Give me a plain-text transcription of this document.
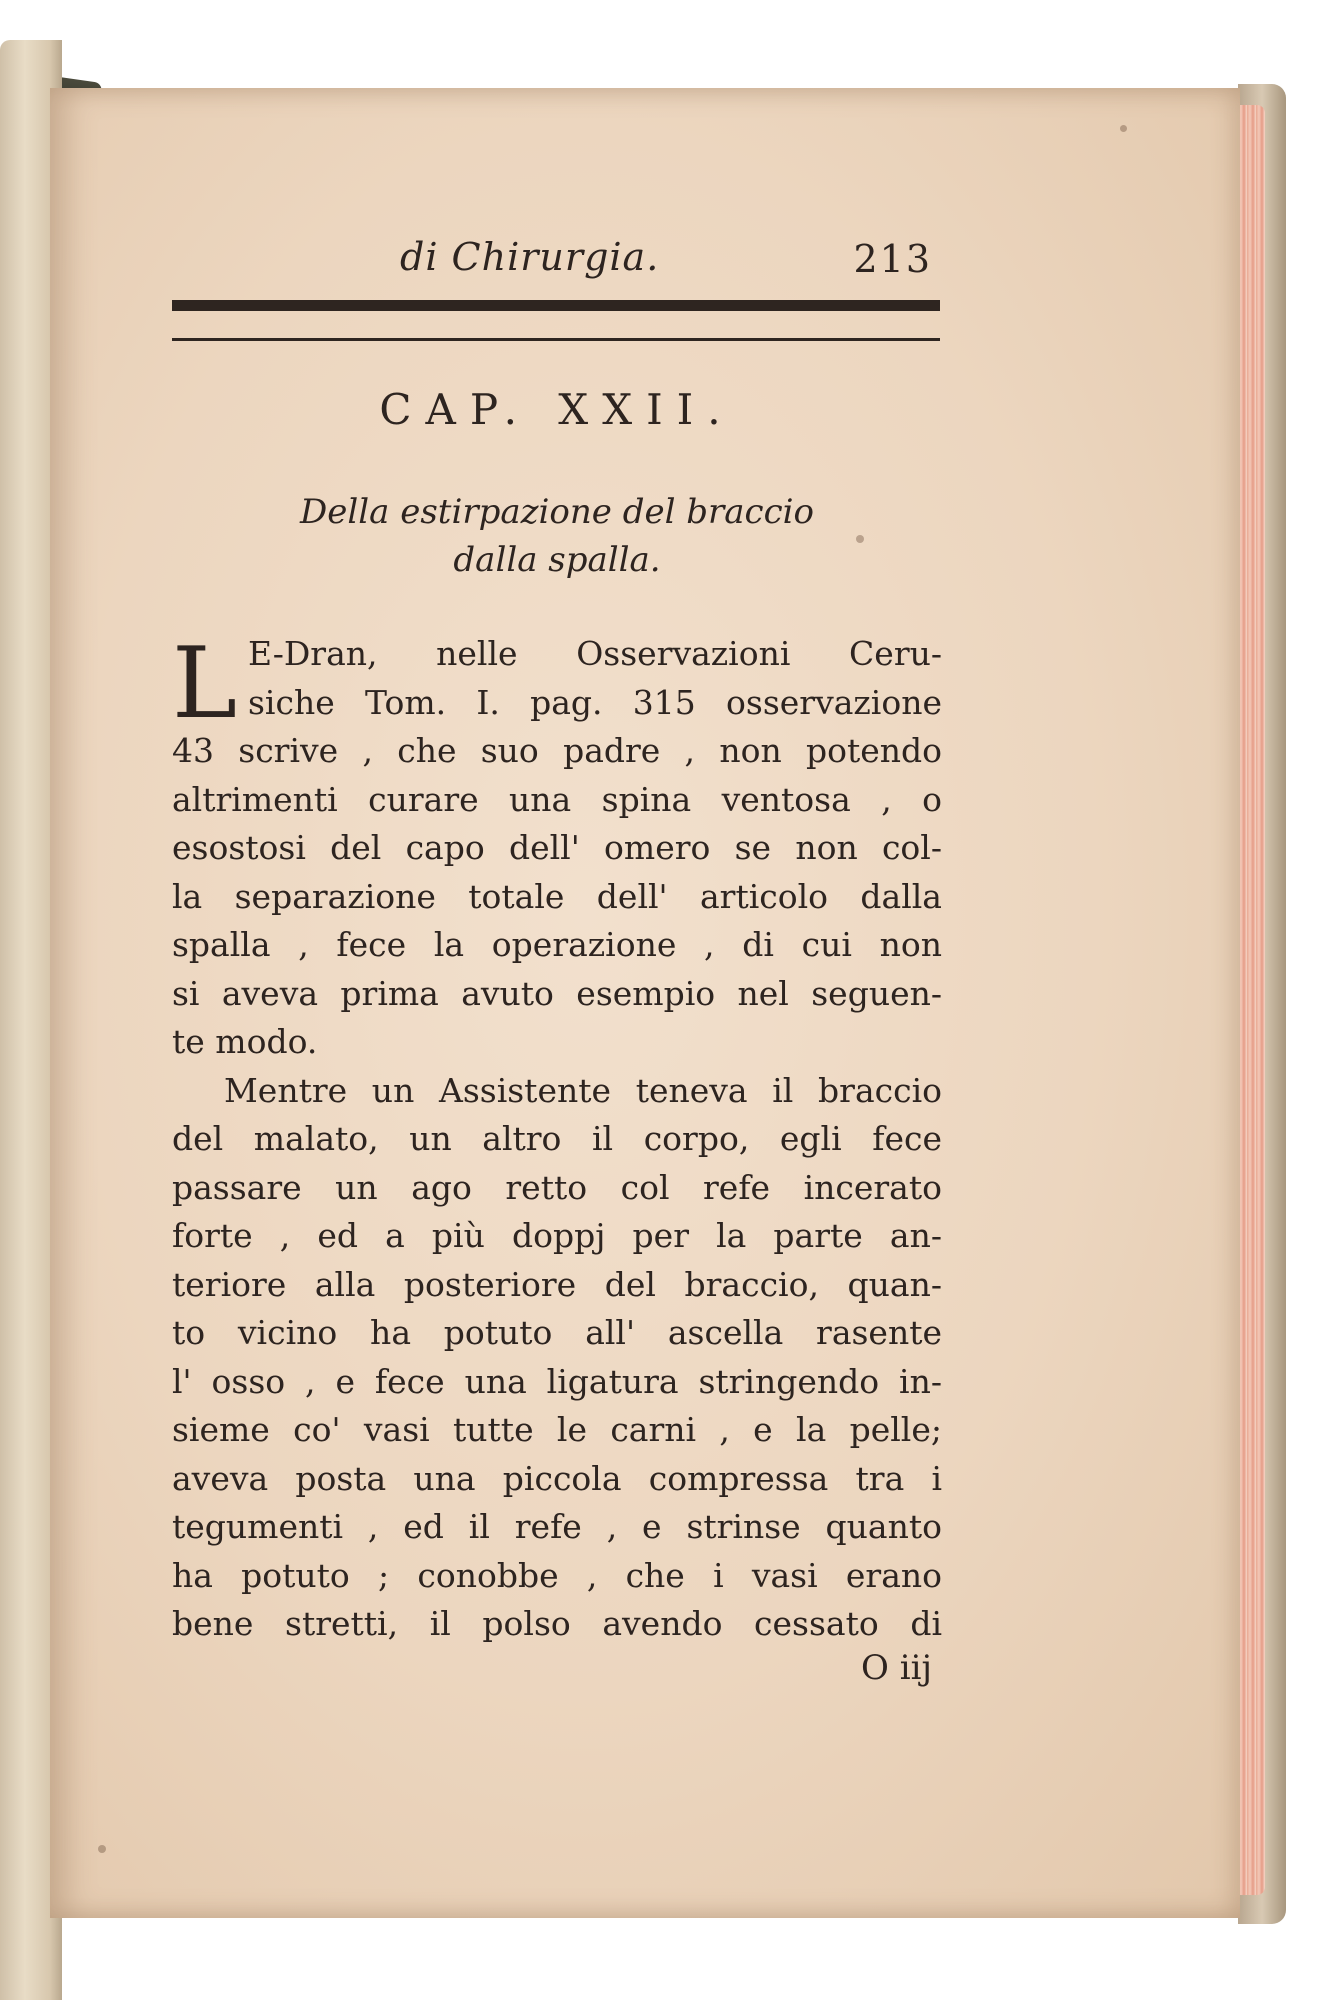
di Chirurgia.	213
CAP. XXII.
Della estirpazione del braccio
dalla spalla.
L E-Dran, nelle Osservazioni Ceru-
siche Tom. I. pag. 315 osservazione
43 scrive , che suo padre , non potendo
altrimenti curare una spina ventosa , o
esostosi del capo dell' omero se non col-
la separazione totale dell' articolo dalla
spalla , fece la operazione , di cui non
si aveva prima avuto esempio nel seguen-
te modo.
Mentre un Assistente teneva il braccio
del malato, un altro il corpo, egli fece
passare un ago retto col refe incerato
forte , ed a più doppj per la parte an-
teriore alla posteriore del braccio, quan-
to vicino ha potuto all' ascella rasente
l' osso , e fece una ligatura stringendo in-
sieme co' vasi tutte le carni , e la pelle;
aveva posta una piccola compressa tra i
tegumenti , ed il refe , e strinse quanto
ha potuto ; conobbe , che i vasi erano
bene stretti, il polso avendo cessato di
O iij
